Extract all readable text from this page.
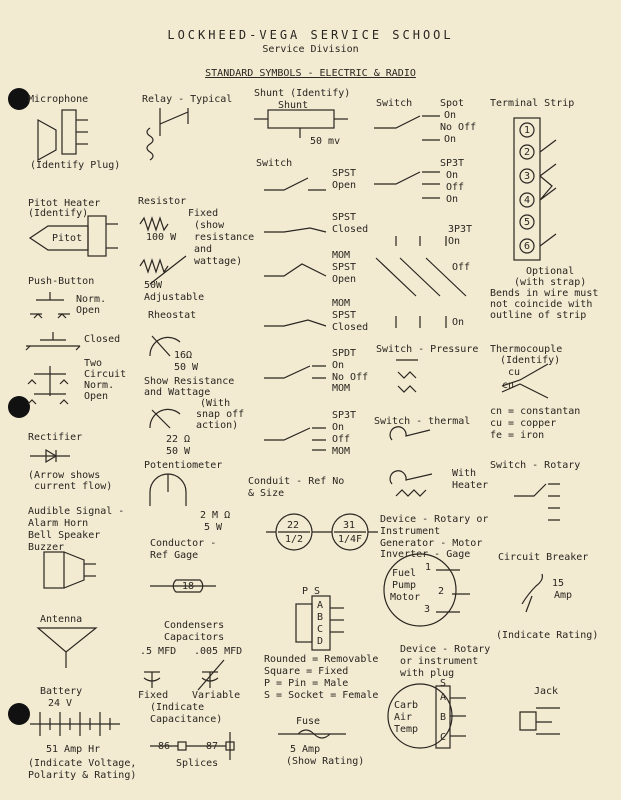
LOCKHEED-VEGA SERVICE SCHOOL
Service Division
STANDARD SYMBOLS - ELECTRIC & RADIO
Microphone
(Identify Plug)
Pitot Heater
(Identify)
Pitot
Push-Button
Norm.
Open
Closed
Two
Circuit
Norm.
Open
Rectifier
(Arrow shows
current flow)
Audible Signal -
Alarm Horn
Bell Speaker
Buzzer
Antenna
Battery
24 V
51 Amp Hr
(Indicate Voltage,
Polarity & Rating)
Relay - Typical
Resistor
Fixed
(show
resistance
and
wattage)
100 W
50W
Adjustable
Rheostat
16Ω
50 W
Show Resistance
and Wattage
(With
snap off
action)
22 Ω
50 W
Potentiometer
2 M Ω
5 W
Conductor -
Ref Gage
18
Condensers
Capacitors
.5 MFD .005 MFD
Fixed Variable
(Indicate
Capacitance)
86	87
Splices
Shunt (Identify)
Shunt
50 mv
Switch
SPST
Open
SPST
Closed
MOM
SPST
Open
MOM
SPST
Closed
SPDT
On
No Off
MOM
SP3T
On
Off
MOM
Conduit - Ref No
& Size
22
1/2
31
1/4F
P S
A
B
C
D
Rounded = Removable
Square = Fixed
P = Pin = Male
S = Socket = Female
Fuse
5 Amp
(Show Rating)
Switch	Spot
On
No Off
On
SP3T
On
Off
On
3P3T
On
Off
On
Switch - Pressure
Switch - thermal
With
Heater
Device - Rotary or
Instrument
Generator - Motor
Inverter - Gage
Fuel
Pump
Motor
1
2
3
Device - Rotary
or instrument
with plug
S
Carb
Air
Temp
A
B
C
Terminal Strip
1
2
3
4
5
6
Optional
(with strap)
Bends in wire must
not coincide with
outline of strip
Thermocouple
(Identify)
cu
cn
cn = constantan
cu = copper
fe = iron
Switch - Rotary
Circuit Breaker
15
Amp
(Indicate Rating)
Jack
